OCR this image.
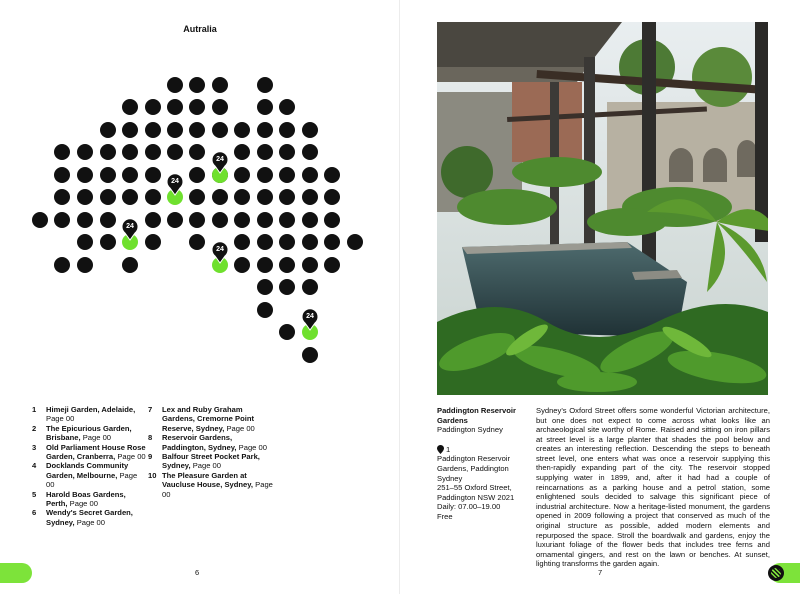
Autralia
24
24
24
24
24
1	Himeji Garden, Adelaide, Page 00
2	The Epicurious Garden, Brisbane, Page 00
3	Old Parliament House Rose Garden, Cranberra, Page 00
4	Docklands Community Garden, Melbourne, Page 00
5	Harold Boas Gardens, Perth, Page 00
6	Wendy's Secret Garden, Sydney, Page 00
7	Lex and Ruby Graham Gardens, Cremorne Point Reserve, Sydney, Page 00
8	Reservoir Gardens, Paddington, Sydney, Page 00
9	Balfour Street Pocket Park, Sydney, Page 00
10 The Pleasure Garden at Vaucluse House, Sydney, Page 00
6
Paddington Reservoir Gardens
Paddington Sydney
1
Paddington Reservoir Gardens, Paddington Sydney
251–55 Oxford Street, Paddington NSW 2021
Daily: 07.00–19.00
Free
Sydney's Oxford Street offers some wonderful Victorian architecture, but one does not expect to come across what looks like an archaeological site worthy of Rome. Raised and sitting on iron pillars at street level is a large planter that shades the pool below and creates an interesting reflection. Descending the steps to beneath street level, one enters what was once a reservoir supplying this then-rapidly expanding part of the city. The reservoir stopped supplying water in 1899, and, after it had had a couple of reincarnations as a parking house and a petrol station, some enlightened souls decided to salvage this significant piece of industrial architecture. Now a heritage-listed monument, the gardens opened in 2009 following a project that conserved as much of the original structure as possible, added modern elements and repurposed the space. Stroll the boardwalk and gardens, enjoy the luxuriant foliage of the flower beds that includes tree ferns and ornamental gingers, and rest on the lawn or benches. At sunset, lighting transforms the garden again.
7
